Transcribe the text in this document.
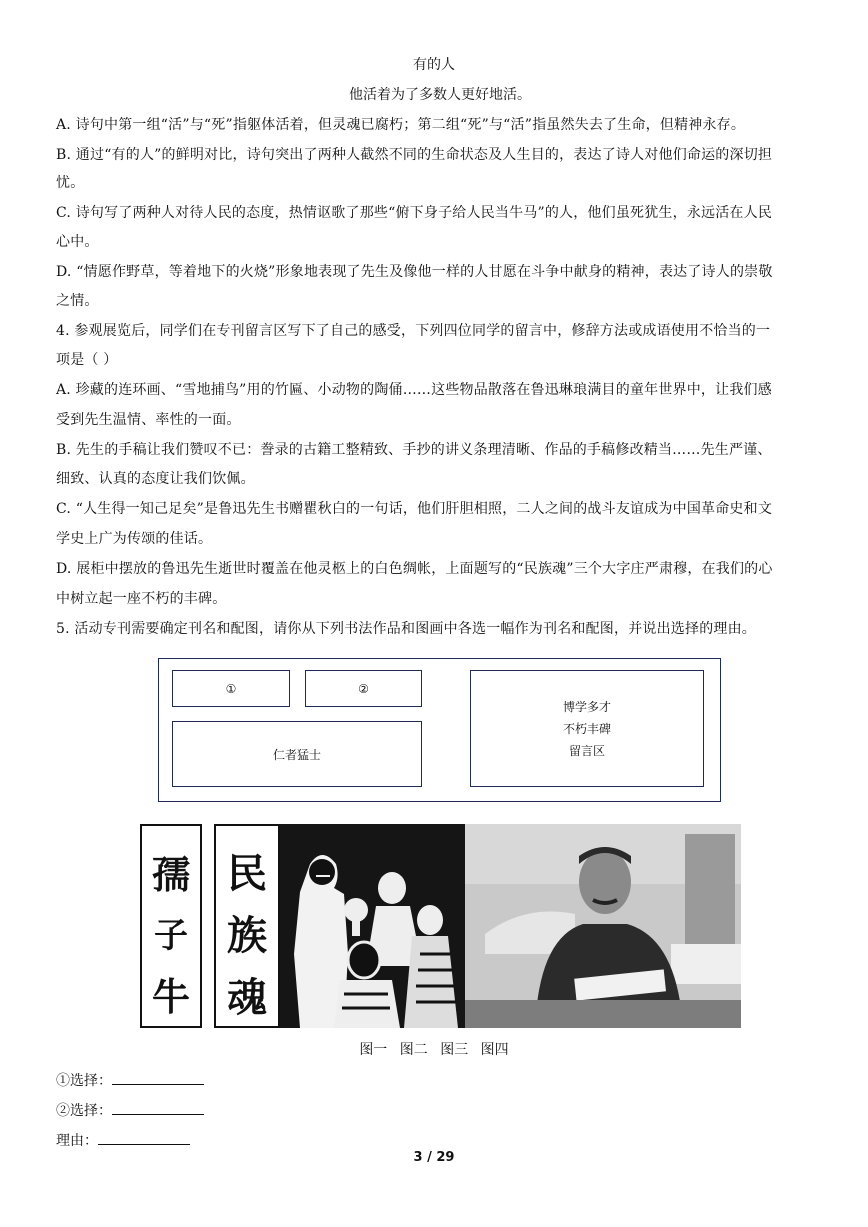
有的人
他活着为了多数人更好地活。
A. 诗句中第一组“活”与“死”指躯体活着，但灵魂已腐朽；第二组“死”与“活”指虽然失去了生命，但精神永存。
B. 通过“有的人”的鲜明对比，诗句突出了两种人截然不同的生命状态及人生目的，表达了诗人对他们命运的深切担
忧。
C. 诗句写了两种人对待人民的态度，热情讴歌了那些“俯下身子给人民当牛马”的人，他们虽死犹生，永远活在人民
心中。
D. “情愿作野草，等着地下的火烧”形象地表现了先生及像他一样的人甘愿在斗争中献身的精神，表达了诗人的崇敬
之情。
4. 参观展览后，同学们在专刊留言区写下了自己的感受，下列四位同学的留言中，修辞方法或成语使用不恰当的一
项是（ ）
A. 珍藏的连环画、“雪地捕鸟”用的竹匾、小动物的陶俑……这些物品散落在鲁迅琳琅满目的童年世界中，让我们感
受到先生温情、率性的一面。
B. 先生的手稿让我们赞叹不已：誊录的古籍工整精致、手抄的讲义条理清晰、作品的手稿修改精当……先生严谨、
细致、认真的态度让我们饮佩。
C. “人生得一知己足矣”是鲁迅先生书赠瞿秋白的一句话，他们肝胆相照，二人之间的战斗友谊成为中国革命史和文
学史上广为传颂的佳话。
D. 展柜中摆放的鲁迅先生逝世时覆盖在他灵柩上的白色绸帐，上面题写的“民族魂”三个大字庄严肃穆，在我们的心
中树立起一座不朽的丰碑。
5. 活动专刊需要确定刊名和配图，请你从下列书法作品和图画中各选一幅作为刊名和配图，并说出选择的理由。
①	②
仁者猛士
博学多才
不朽丰碑
留言区
孺
子
牛
民
族
魂
图一 图二 图三 图四
①选择：
②选择：
理由：
3 / 29
